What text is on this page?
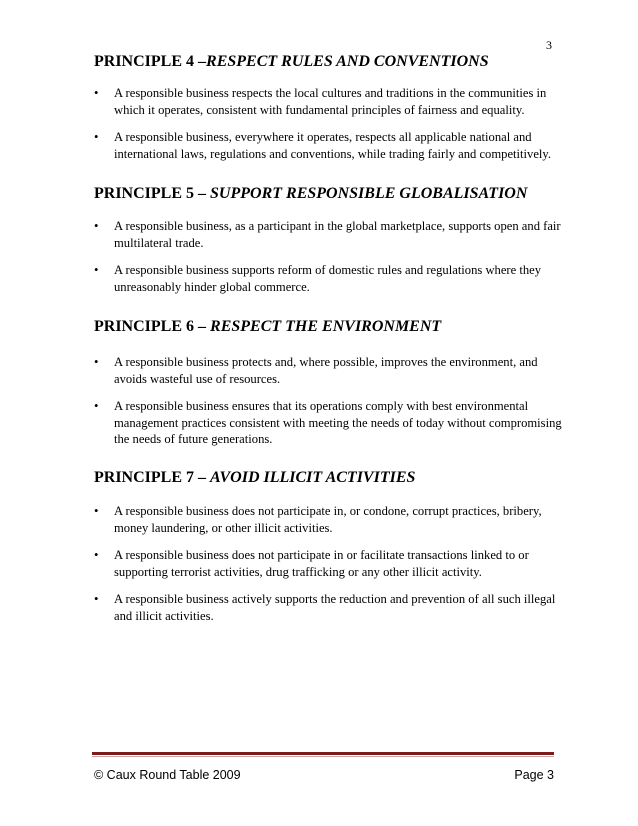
3
PRINCIPLE 4 –RESPECT RULES AND CONVENTIONS
• A responsible business respects the local cultures and traditions in the communities in which it operates, consistent with fundamental principles of fairness and equality.
• A responsible business, everywhere it operates, respects all applicable national and international laws, regulations and conventions, while trading fairly and competitively.
PRINCIPLE 5 – SUPPORT RESPONSIBLE GLOBALISATION
• A responsible business, as a participant in the global marketplace, supports open and fair multilateral trade.
• A responsible business supports reform of domestic rules and regulations where they unreasonably hinder global commerce.
PRINCIPLE 6 – RESPECT THE ENVIRONMENT
• A responsible business protects and, where possible, improves the environment, and avoids wasteful use of resources.
• A responsible business ensures that its operations comply with best environmental management practices consistent with meeting the needs of today without compromising the needs of future generations.
PRINCIPLE 7 – AVOID ILLICIT ACTIVITIES
• A responsible business does not participate in, or condone, corrupt practices, bribery, money laundering, or other illicit activities.
• A responsible business does not participate in or facilitate transactions linked to or supporting terrorist activities, drug trafficking or any other illicit activity.
• A responsible business actively supports the reduction and prevention of all such illegal and illicit activities.
© Caux Round Table 2009	Page 3
